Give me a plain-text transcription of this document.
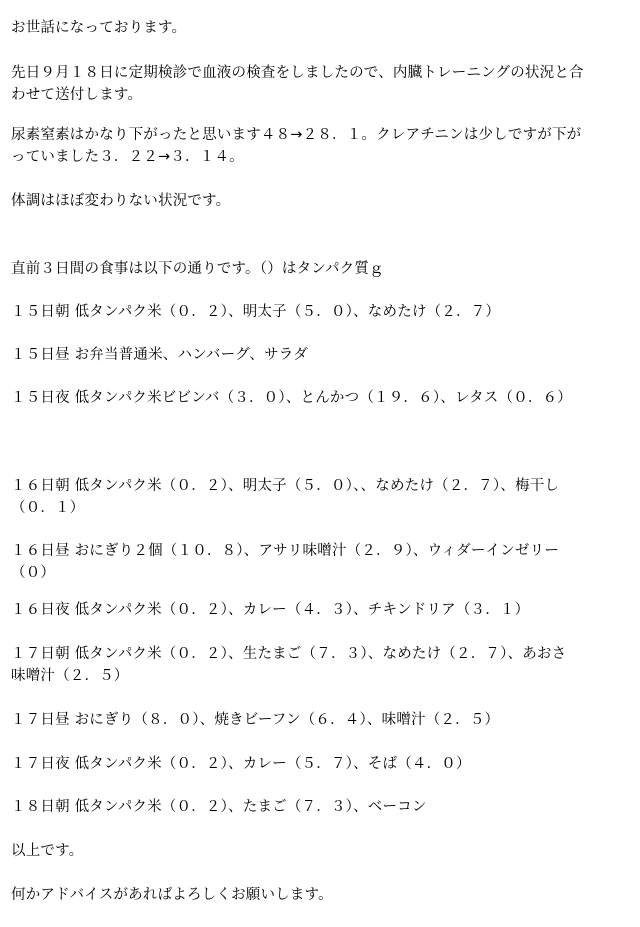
お世話になっております。
先日９月１８日に定期検診で血液の検査をしましたので、内臓トレーニングの状況と合
わせて送付します。
尿素窒素はかなり下がったと思います４８→２８．１。クレアチニンは少しですが下が
っていました３．２２→３．１４。
体調はほぼ変わりない状況です。
直前３日間の食事は以下の通りです。（）はタンパク質ｇ
１５日朝 低タンパク米（０．２）、明太子（５．０）、なめたけ（２．７）
１５日昼 お弁当普通米、ハンバーグ、サラダ
１５日夜 低タンパク米ビビンバ（３．０）、とんかつ（１９．６）、レタス（０．６）
１６日朝 低タンパク米（０．２）、明太子（５．０）、、なめたけ（２．７）、梅干し
（０．１）
１６日昼 おにぎり２個（１０．８）、アサリ味噌汁（２．９）、ウィダーインゼリー
（０）
１６日夜 低タンパク米（０．２）、カレー（４．３）、チキンドリア（３．１）
１７日朝 低タンパク米（０．２）、生たまご（７．３）、なめたけ（２．７）、あおさ
味噌汁（２．５）
１７日昼 おにぎり（８．０）、焼きビーフン（６．４）、味噌汁（２．５）
１７日夜 低タンパク米（０．２）、カレー（５．７）、そば（４．０）
１８日朝 低タンパク米（０．２）、たまご（７．３）、ベーコン
以上です。
何かアドバイスがあればよろしくお願いします。
